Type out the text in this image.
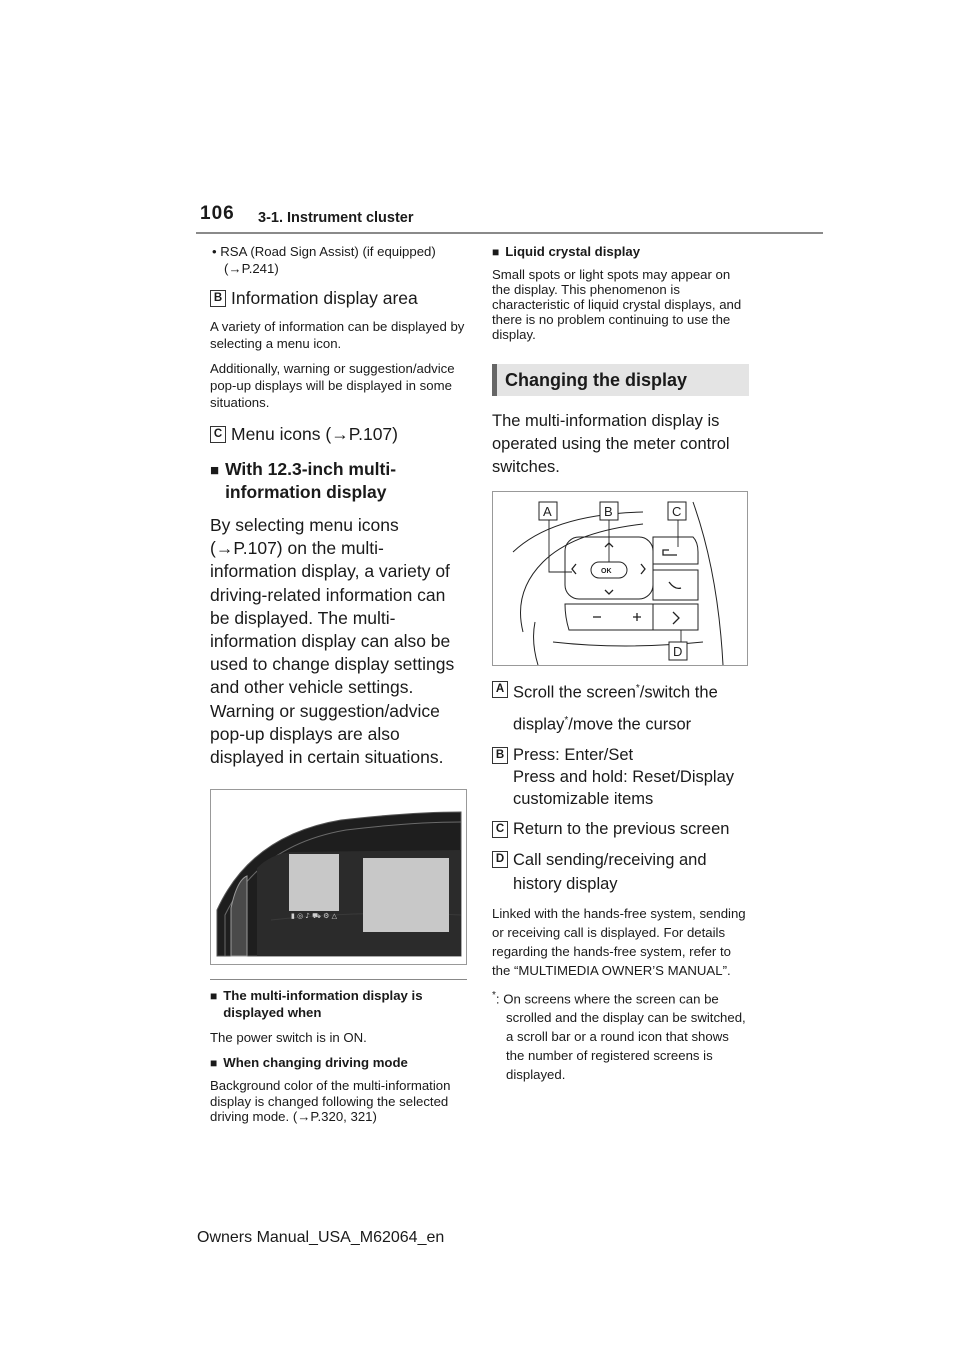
106 3-1. Instrument cluster

• RSA (Road Sign Assist) (if equipped) (→P.241)

B Information display area

A variety of information can be displayed by selecting a menu icon.

Additionally, warning or suggestion/advice pop-up displays will be displayed in some situations.

C Menu icons (→P.107)
■ With 12.3-inch multi-information display

By selecting menu icons (→P.107) on the multi-information display, a variety of driving-related information can be displayed. The multi-information display can also be used to change display settings and other vehicle settings. Warning or suggestion/advice pop-up displays are also displayed in certain situations.

▮ ◎ ♪ ⛟ ⚙ △
■ The multi-information display is displayed when

The power switch is in ON.

■ When changing driving mode

Background color of the multi-information display is changed following the selected driving mode. (→P.320, 321)

■ Liquid crystal display

Small spots or light spots may appear on the display. This phenomenon is characteristic of liquid crystal displays, and there is no problem continuing to use the display.

Changing the display

The multi-information display is operated using the meter control switches.

OK
A	B	C
D
A Scroll the screen*/switch the display*/move the cursor
B Press: Enter/Set
Press and hold: Reset/Display customizable items
C Return to the previous screen
D Call sending/receiving and history display

Linked with the hands-free system, sending or receiving call is displayed. For details regarding the hands-free system, refer to the “MULTIMEDIA OWNER’S MANUAL”.

*: On screens where the screen can be scrolled and the display can be switched, a scroll bar or a round icon that shows the number of registered screens is displayed.

Owners Manual_USA_M62064_en
